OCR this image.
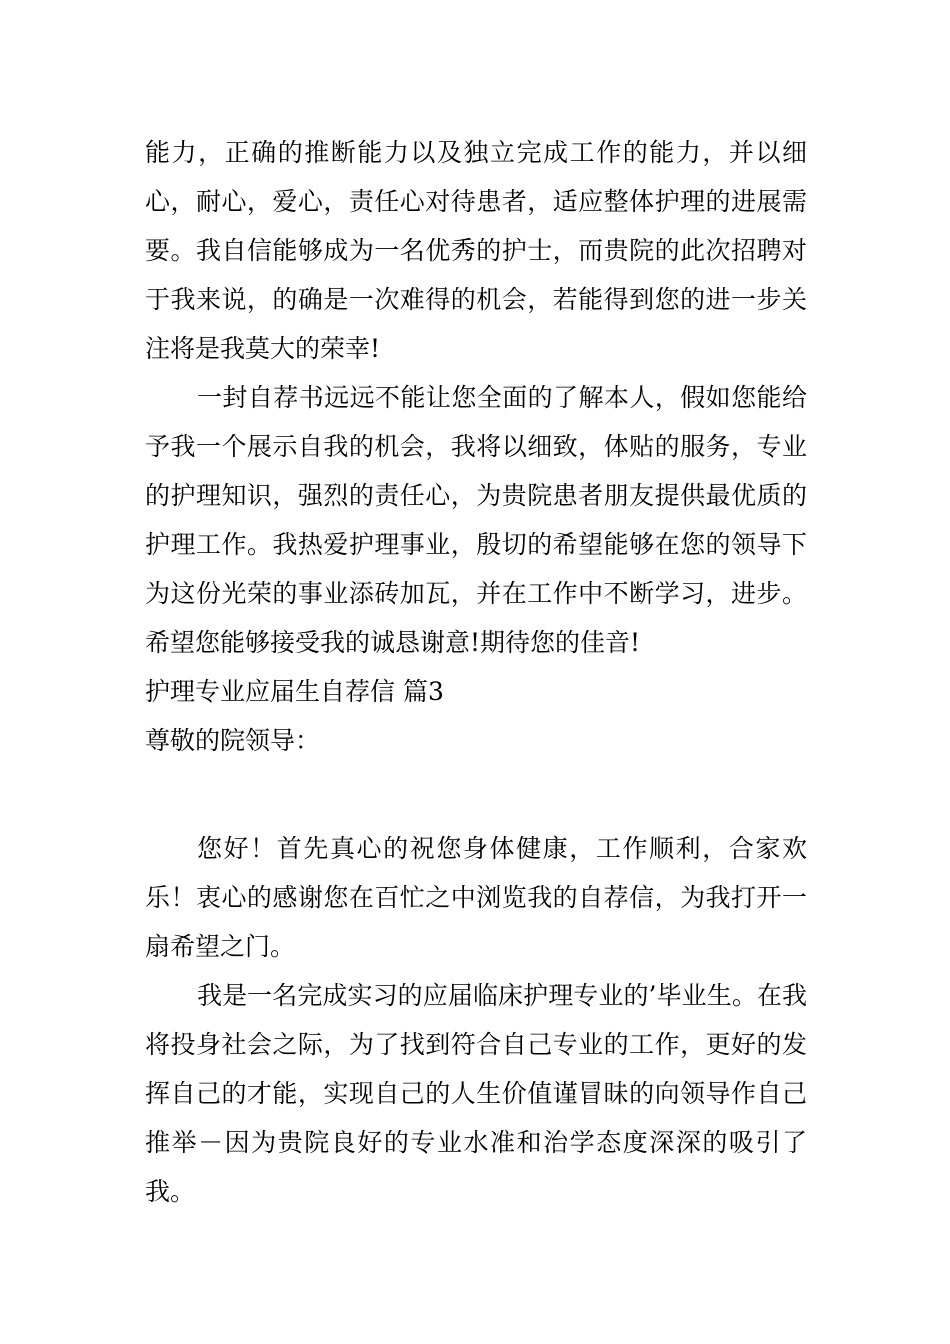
能力，正确的推断能力以及独立完成工作的能力，并以细心，耐心，爱心，责任心对待患者，适应整体护理的进展需要。我自信能够成为一名优秀的护士，而贵院的此次招聘对于我来说，的确是一次难得的机会，若能得到您的进一步关注将是我莫大的荣幸!

一封自荐书远远不能让您全面的了解本人，假如您能给予我一个展示自我的机会，我将以细致，体贴的服务，专业的护理知识，强烈的责任心，为贵院患者朋友提供最优质的护理工作。我热爱护理事业，殷切的希望能够在您的领导下为这份光荣的事业添砖加瓦，并在工作中不断学习，进步。希望您能够接受我的诚恳谢意!期待您的佳音!

护理专业应届生自荐信 篇3

尊敬的院领导：

您好！首先真心的祝您身体健康，工作顺利，合家欢乐！衷心的感谢您在百忙之中浏览我的自荐信，为我打开一扇希望之门。

我是一名完成实习的应届临床护理专业的’毕业生。在我将投身社会之际，为了找到符合自己专业的工作，更好的发挥自己的才能，实现自己的人生价值谨冒昧的向领导作自己推举－因为贵院良好的专业水准和治学态度深深的吸引了我。
